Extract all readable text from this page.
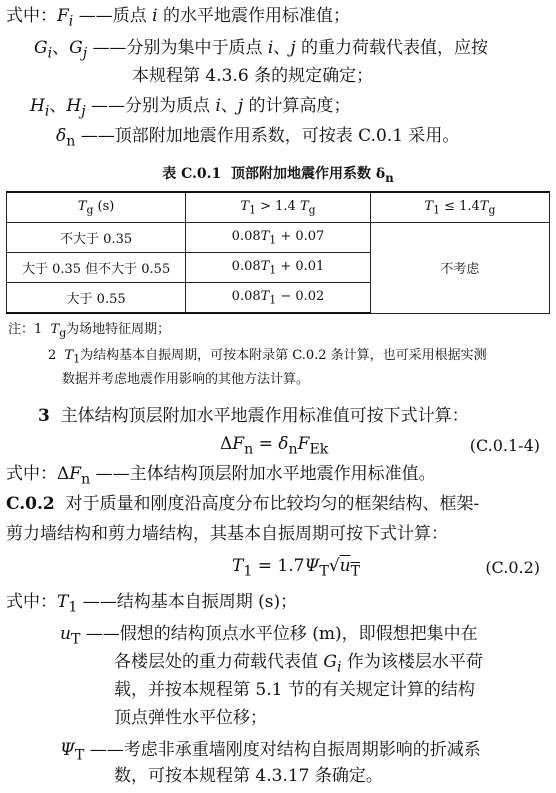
式中：$F_i$ ——质点 i 的水平地震作用标准值；
$G_i$、$G_j$ ——分别为集中于质点 i、j 的重力荷载代表值，应按
本规程第 4.3.6 条的规定确定；
$H_i$、$H_j$ ——分别为质点 i、j 的计算高度；
$\delta_n$ ——顶部附加地震作用系数，可按表 C.0.1 采用。
表 C.0.1 顶部附加地震作用系数 $\delta_n$
$T_g$ (s)	$T_1 > 1.4$ $T_g$	$T_1 \le 1.4T_g$
不大于 0.35	$0.08T_1 + 0.07$	不考虑
大于 0.35 但不大于 0.55	$0.08T_1 + 0.01$	
大于 0.55	$0.08T_1 - 0.02$	
注：1  $T_g$为场地特征周期；
2  $T_1$为结构基本自振周期，可按本附录第 C.0.2 条计算，也可采用根据实测
数据并考虑地震作用影响的其他方法计算。
3 主体结构顶层附加水平地震作用标准值可按下式计算：
$\Delta F_n = \delta_nF_{Ek}$	(C.0.1-4)
式中：$\Delta F_n$ ——主体结构顶层附加水平地震作用标准值。
C.0.2 对于质量和刚度沿高度分布比较均匀的框架结构、框架-
剪力墙结构和剪力墙结构，其基本自振周期可按下式计算：
$T_1 = 1.7\Psi_T√u_T$	(C.0.2)
式中：$T_1$ ——结构基本自振周期 (s)；
$u_T$ ——假想的结构顶点水平位移 (m)，即假想把集中在
各楼层处的重力荷载代表值 $G_i$ 作为该楼层水平荷
载，并按本规程第 5.1 节的有关规定计算的结构
顶点弹性水平位移；
$\Psi_T$ ——考虑非承重墙刚度对结构自振周期影响的折减系
数，可按本规程第 4.3.17 条确定。
